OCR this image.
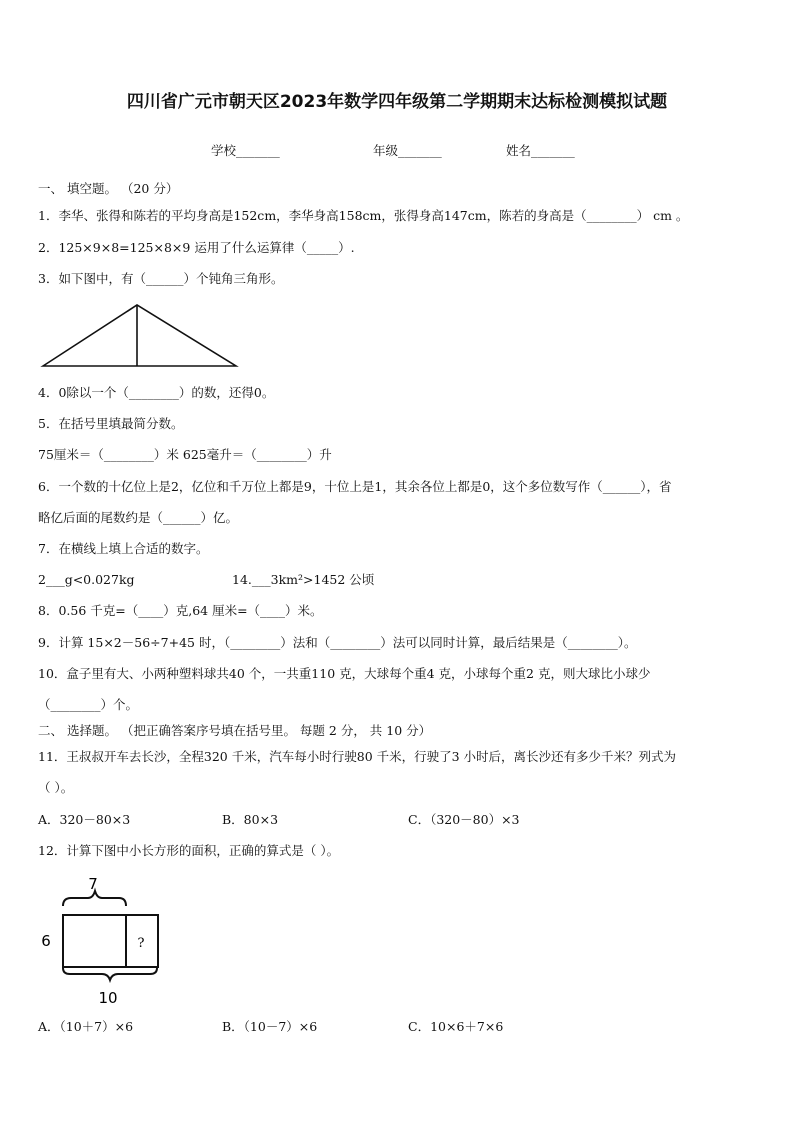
四川省广元市朝天区2023年数学四年级第二学期期末达标检测模拟试题
学校_______	年级_______	姓名_______
一、 填空题。 （20 分）
1．李华、张得和陈若的平均身高是152cm，李华身高158cm，张得身高147cm，陈若的身高是（________） cm 。
2．125×9×8=125×8×9 运用了什么运算律（_____）.
3．如下图中，有（______）个钝角三角形。
4．0除以一个（________）的数，还得0。
5．在括号里填最简分数。
75厘米＝（________）米 625毫升＝（________）升
6．一个数的十亿位上是2，亿位和千万位上都是9，十位上是1，其余各位上都是0，这个多位数写作（______），省
略亿后面的尾数约是（______）亿。
7．在横线上填上合适的数字。
2___g<0.027kg	14.___3km²>1452 公顷
8．0.56 千克=（____）克,64 厘米=（____）米。
9．计算 15×2－56÷7+45 时，（________）法和（________）法可以同时计算，最后结果是（________）。
10．盒子里有大、小两种塑料球共40 个，一共重110 克，大球每个重4 克，小球每个重2 克，则大球比小球少
（________）个。
二、 选择题。 （把正确答案序号填在括号里。 每题 2 分， 共 10 分）
11．王叔叔开车去长沙，全程320 千米，汽车每小时行驶80 千米，行驶了3 小时后，离长沙还有多少千米？列式为
（ ）。
A．320－80×3	B．80×3	C．（320－80）×3
12．计算下图中小长方形的面积，正确的算式是（ ）。
7
6	?
10
A．（10＋7）×6	B．（10－7）×6	C．10×6＋7×6
